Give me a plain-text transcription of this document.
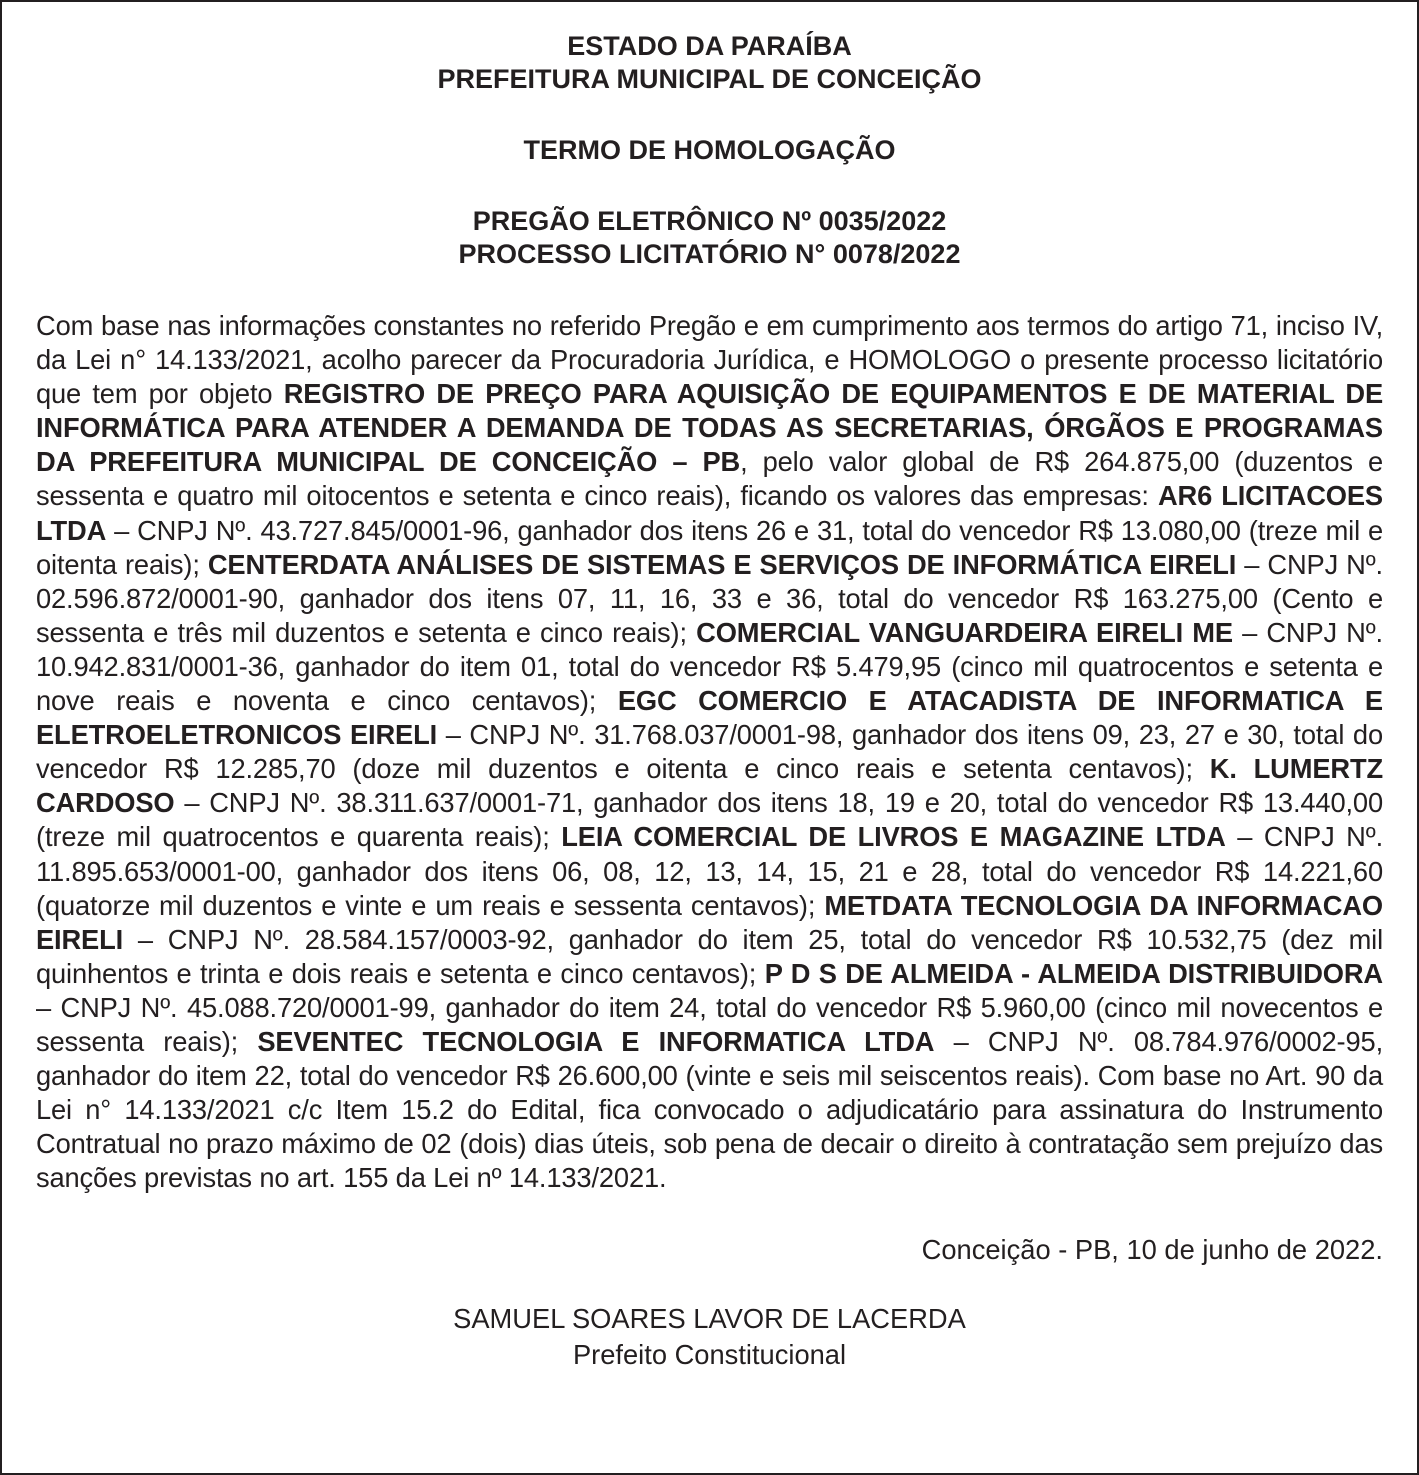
ESTADO DA PARAÍBA
PREFEITURA MUNICIPAL DE CONCEIÇÃO
TERMO DE HOMOLOGAÇÃO
PREGÃO ELETRÔNICO Nº 0035/2022
PROCESSO LICITATÓRIO N° 0078/2022
Com base nas informações constantes no referido Pregão e em cumprimento aos termos do artigo 71, inciso IV, da Lei n° 14.133/2021, acolho parecer da Procuradoria Jurídica, e HOMOLOGO o presente processo licitatório que tem por objeto REGISTRO DE PREÇO PARA AQUISIÇÃO DE EQUIPAMENTOS E DE MATERIAL DE INFORMÁTICA PARA ATENDER A DEMANDA DE TODAS AS SECRETARIAS, ÓRGÃOS E PROGRAMAS DA PREFEITURA MUNICIPAL DE CONCEIÇÃO – PB, pelo valor global de R$ 264.875,00 (duzentos e sessenta e quatro mil oitocentos e setenta e cinco reais), ficando os valores das empresas: AR6 LICITACOES LTDA – CNPJ Nº. 43.727.845/0001-96, ganhador dos itens 26 e 31, total do vencedor R$ 13.080,00 (treze mil e oitenta reais); CENTERDATA ANÁLISES DE SISTEMAS E SERVIÇOS DE INFORMÁTICA EIRELI – CNPJ Nº. 02.596.872/0001-90, ganhador dos itens 07, 11, 16, 33 e 36, total do vencedor R$ 163.275,00 (Cento e sessenta e três mil duzentos e setenta e cinco reais); COMERCIAL VANGUARDEIRA EIRELI ME – CNPJ Nº. 10.942.831/0001-36, ganhador do item 01, total do vencedor R$ 5.479,95 (cinco mil quatrocentos e setenta e nove reais e noventa e cinco centavos); EGC COMERCIO E ATACADISTA DE INFORMATICA E ELETROELETRONICOS EIRELI – CNPJ Nº. 31.768.037/0001-98, ganhador dos itens 09, 23, 27 e 30, total do vencedor R$ 12.285,70 (doze mil duzentos e oitenta e cinco reais e setenta centavos); K. LUMERTZ CARDOSO – CNPJ Nº. 38.311.637/0001-71, ganhador dos itens 18, 19 e 20, total do vencedor R$ 13.440,00 (treze mil quatrocentos e quarenta reais); LEIA COMERCIAL DE LIVROS E MAGAZINE LTDA – CNPJ Nº. 11.895.653/0001-00, ganhador dos itens 06, 08, 12, 13, 14, 15, 21 e 28, total do vencedor R$ 14.221,60 (quatorze mil duzentos e vinte e um reais e sessenta centavos); METDATA TECNOLOGIA DA INFORMACAO EIRELI – CNPJ Nº. 28.584.157/0003-92, ganhador do item 25, total do vencedor R$ 10.532,75 (dez mil quinhentos e trinta e dois reais e setenta e cinco centavos); P D S DE ALMEIDA - ALMEIDA DISTRIBUIDORA – CNPJ Nº. 45.088.720/0001-99, ganhador do item 24, total do vencedor R$ 5.960,00 (cinco mil novecentos e sessenta reais); SEVENTEC TECNOLOGIA E INFORMATICA LTDA – CNPJ Nº. 08.784.976/0002-95, ganhador do item 22, total do vencedor R$ 26.600,00 (vinte e seis mil seiscentos reais). Com base no Art. 90 da Lei n° 14.133/2021 c/c Item 15.2 do Edital, fica convocado o adjudicatário para assinatura do Instrumento Contratual no prazo máximo de 02 (dois) dias úteis, sob pena de decair o direito à contratação sem prejuízo das sanções previstas no art. 155 da Lei nº 14.133/2021.
Conceição - PB, 10 de junho de 2022.
SAMUEL SOARES LAVOR DE LACERDA
Prefeito Constitucional
